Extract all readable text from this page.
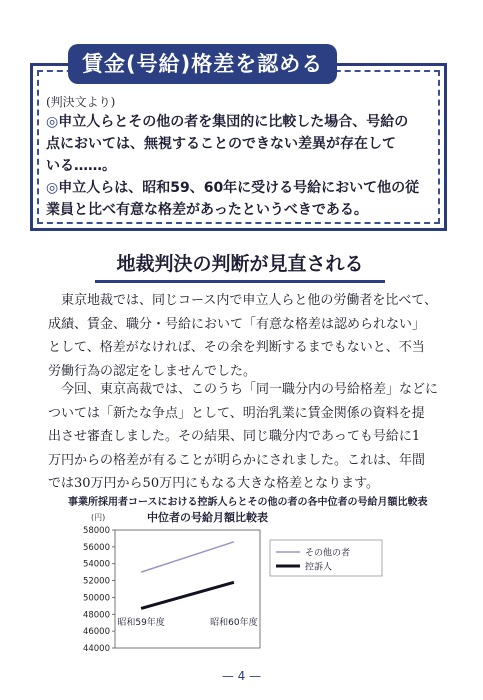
賃金(号給)格差を認める
(判決文より)
◎申立人らとその他の者を集団的に比較した場合、号給の
点においては、無視することのできない差異が存在して
いる……。
◎申立人らは、昭和59、60年に受ける号給において他の従
業員と比べ有意な格差があったというべきである。
地裁判決の判断が見直される

東京地裁では、同じコース内で申立人らと他の労働者を比べて、
成績、賃金、職分・号給において「有意な格差は認められない」
として、格差がなければ、その余を判断するまでもないと、不当
労働行為の認定をしませんでした。

今回、東京高裁では、このうち「同一職分内の号給格差」などに
ついては「新たな争点」として、明治乳業に賃金関係の資料を提
出させ審査しました。その結果、同じ職分内であっても号給に1
万円からの格差が有ることが明らかにされました。これは、年間
では30万円から50万円にもなる大きな格差となります。

事業所採用者コースにおける控訴人らとその他の者の各中位者の号給月額比較表
中位者の号給月額比較表
(円)
44000
46000
48000
50000
52000
54000
56000
58000
昭和59年度	昭和60年度
その他の者
控訴人
— 4 —
